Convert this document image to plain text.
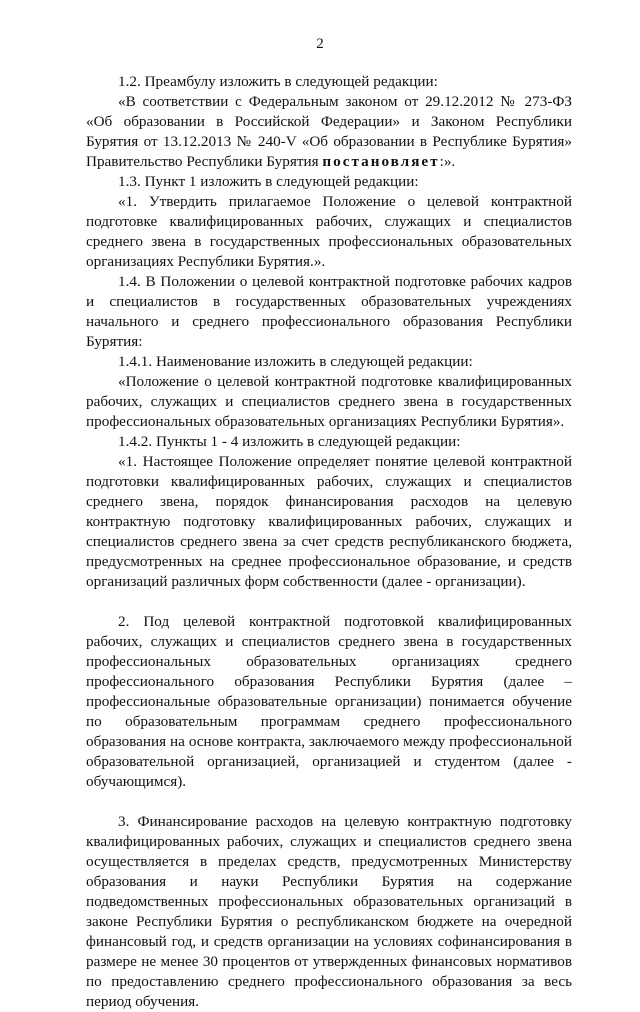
2

1.2. Преамбулу изложить в следующей редакции:

«В соответствии с Федеральным законом от 29.12.2012 № 273-ФЗ «Об образовании в Российской Федерации» и Законом Республики Бурятия от 13.12.2013 № 240-V «Об образовании в Республике Бурятия» Правительство Республики Бурятия постановляет:».

1.3. Пункт 1 изложить в следующей редакции:

«1. Утвердить прилагаемое Положение о целевой контрактной подготовке квалифицированных рабочих, служащих и специалистов среднего звена в государственных профессиональных образовательных организациях Республики Бурятия.».

1.4. В Положении о целевой контрактной подготовке рабочих кадров и специалистов в государственных образовательных учреждениях начального и среднего профессионального образования Республики Бурятия:

1.4.1. Наименование изложить в следующей редакции:

«Положение о целевой контрактной подготовке квалифицированных рабочих, служащих и специалистов среднего звена в государственных профессиональных образовательных организациях Республики Бурятия».

1.4.2. Пункты 1 - 4 изложить в следующей редакции:

«1. Настоящее Положение определяет понятие целевой контрактной подготовки квалифицированных рабочих, служащих и специалистов среднего звена, порядок финансирования расходов на целевую контрактную подготовку квалифицированных рабочих, служащих и специалистов среднего звена за счет средств республиканского бюджета, предусмотренных на среднее профессиональное образование, и средств организаций различных форм собственности (далее - организации).

2. Под целевой контрактной подготовкой квалифицированных рабочих, служащих и специалистов среднего звена в государственных профессиональных образовательных организациях среднего профессионального образования Республики Бурятия (далее – профессиональные образовательные организации) понимается обучение по образовательным программам среднего профессионального образования на основе контракта, заключаемого между профессиональной образовательной организацией, организацией и студентом (далее - обучающимся).

3. Финансирование расходов на целевую контрактную подготовку квалифицированных рабочих, служащих и специалистов среднего звена осуществляется в пределах средств, предусмотренных Министерству образования и науки Республики Бурятия на содержание подведомственных профессиональных образовательных организаций в законе Республики Бурятия о республиканском бюджете на очередной финансовый год, и средств организации на условиях софинансирования в размере не менее 30 процентов от утвержденных финансовых нормативов по предоставлению среднего профессионального образования за весь период обучения.
